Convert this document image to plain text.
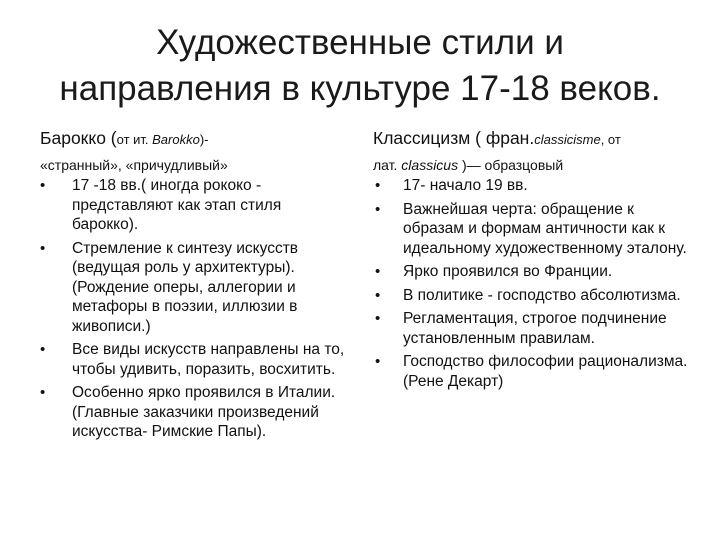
Художественные стили и
направления в культуре 17-18 веков.
Барокко (от ит. Barokko)-
«странный», «причудливый»
•	17 -18 вв.( иногда рококо - представляют как этап стиля барокко).
•	Стремление к синтезу искусств (ведущая роль у архитектуры).(Рождение оперы, аллегории и метафоры в поэзии, иллюзии в живописи.)
•	Все виды искусств направлены на то, чтобы удивить, поразить, восхитить.
•	Особенно ярко проявился в Италии. (Главные заказчики произведений искусства- Римские Папы).
Классицизм ( фран.classicisme, от
лат. classicus )— образцовый
•	17- начало 19 вв.
•	Важнейшая черта: обращение к образам и формам античности как к идеальному художественному эталону.
•	Ярко проявился во Франции.
•	В политике - господство абсолютизма.
•	Регламентация, строгое подчинение установленным правилам.
•	Господство философии рационализма.(Рене Декарт)
